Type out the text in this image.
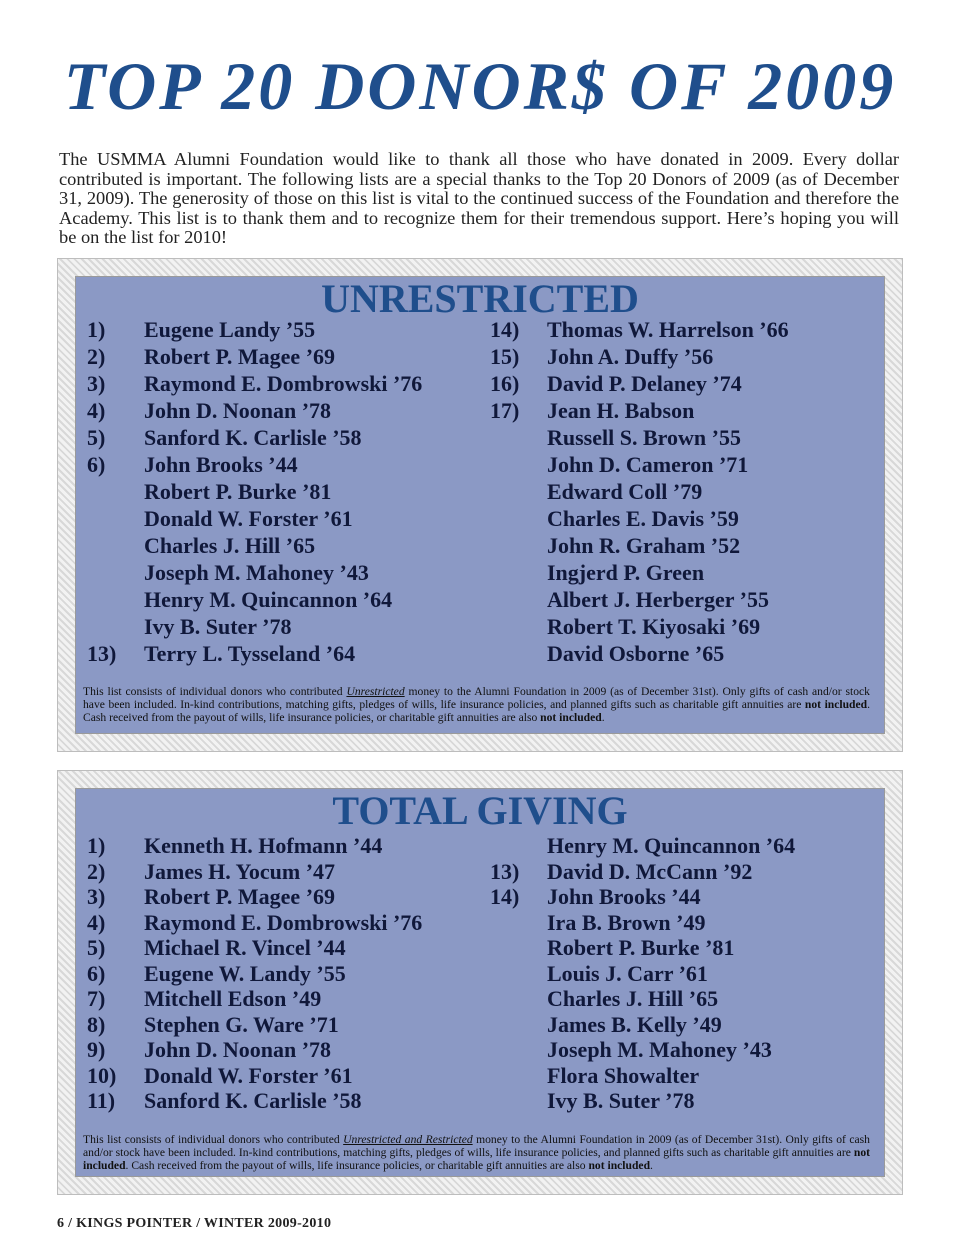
TOP 20 DONOR$ OF 2009
The USMMA Alumni Foundation would like to thank all those who have donated in 2009. Every dollar contributed is important. The following lists are a special thanks to the Top 20 Donors of 2009 (as of December 31, 2009). The generosity of those on this list is vital to the continued success of the Foundation and therefore the Academy. This list is to thank them and to recognize them for their tremendous support. Here’s hoping you will be on the list for 2010!
UNRESTRICTED
1) Eugene Landy ’55
2) Robert P. Magee ’69
3) Raymond E. Dombrowski ’76
4) John D. Noonan ’78
5) Sanford K. Carlisle ’58
6) John Brooks ’44
Robert P. Burke ’81
Donald W. Forster ’61
Charles J. Hill ’65
Joseph M. Mahoney ’43
Henry M. Quincannon ’64
Ivy B. Suter ’78
13) Terry L. Tysseland ’64
14) Thomas W. Harrelson ’66
15) John A. Duffy ’56
16) David P. Delaney ’74
17) Jean H. Babson
Russell S. Brown ’55
John D. Cameron ’71
Edward Coll ’79
Charles E. Davis ’59
John R. Graham ’52
Ingjerd P. Green
Albert J. Herberger ’55
Robert T. Kiyosaki ’69
David Osborne ’65
This list consists of individual donors who contributed Unrestricted money to the Alumni Foundation in 2009 (as of December 31st). Only gifts of cash and/or stock have been included. In-kind contributions, matching gifts, pledges of wills, life insurance policies, and planned gifts such as charitable gift annuities are not included. Cash received from the payout of wills, life insurance policies, or charitable gift annuities are also not included.
TOTAL GIVING
1) Kenneth H. Hofmann ’44
2) James H. Yocum ’47
3) Robert P. Magee ’69
4) Raymond E. Dombrowski ’76
5) Michael R. Vincel ’44
6) Eugene W. Landy ’55
7) Mitchell Edson ’49
8) Stephen G. Ware ’71
9) John D. Noonan ’78
10) Donald W. Forster ’61
11) Sanford K. Carlisle ’58
Henry M. Quincannon ’64
13) David D. McCann ’92
14) John Brooks ’44
Ira B. Brown ’49
Robert P. Burke ’81
Louis J. Carr ’61
Charles J. Hill ’65
James B. Kelly ’49
Joseph M. Mahoney ’43
Flora Showalter
Ivy B. Suter ’78
This list consists of individual donors who contributed Unrestricted and Restricted money to the Alumni Foundation in 2009 (as of December 31st). Only gifts of cash and/or stock have been included. In-kind contributions, matching gifts, pledges of wills, life insurance policies, and planned gifts such as charitable gift annuities are not included. Cash received from the payout of wills, life insurance policies, or charitable gift annuities are also not included.
6 / KINGS POINTER / WINTER 2009-2010
